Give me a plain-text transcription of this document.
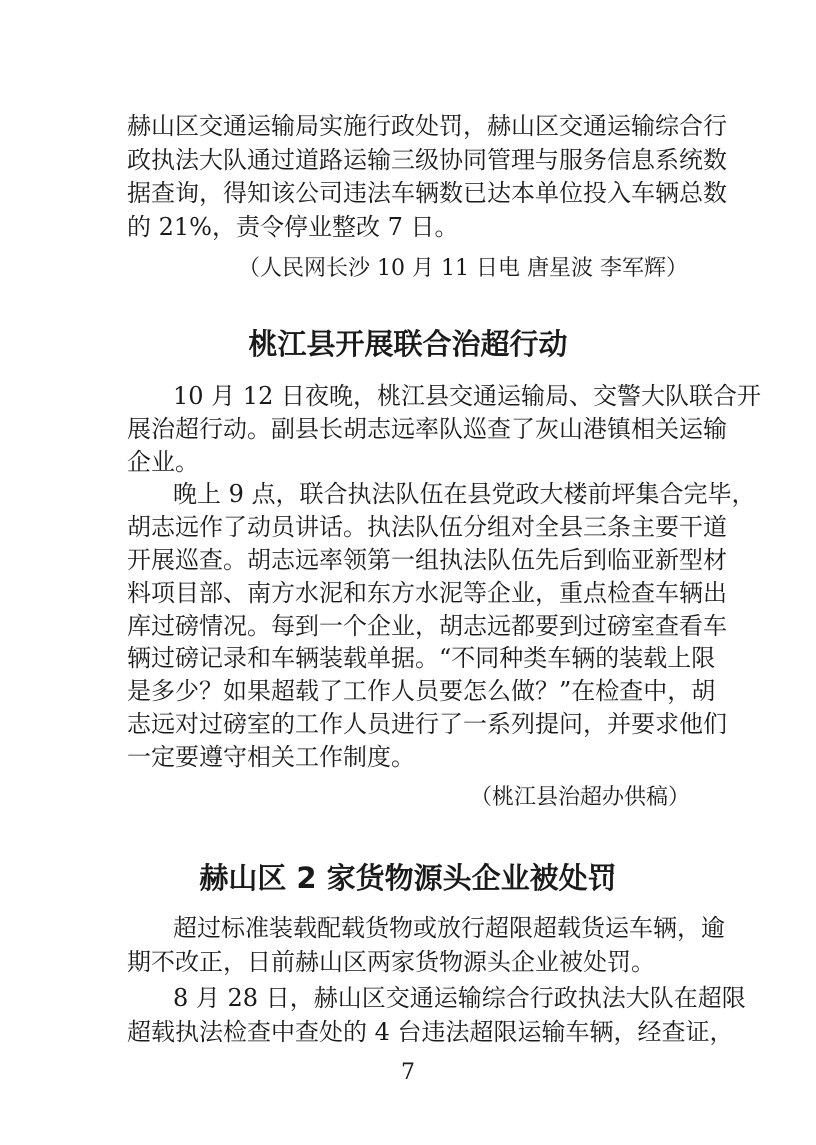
赫山区交通运输局实施行政处罚，赫山区交通运输综合行
政执法大队通过道路运输三级协同管理与服务信息系统数
据查询，得知该公司违法车辆数已达本单位投入车辆总数
的 21%，责令停业整改 7 日。
（人民网长沙 10 月 11 日电 唐星波 李军辉）
桃江县开展联合治超行动
10 月 12 日夜晚，桃江县交通运输局、交警大队联合开
展治超行动。副县长胡志远率队巡查了灰山港镇相关运输
企业。
晚上 9 点，联合执法队伍在县党政大楼前坪集合完毕，
胡志远作了动员讲话。执法队伍分组对全县三条主要干道
开展巡查。胡志远率领第一组执法队伍先后到临亚新型材
料项目部、南方水泥和东方水泥等企业，重点检查车辆出
库过磅情况。每到一个企业，胡志远都要到过磅室查看车
辆过磅记录和车辆装载单据。“不同种类车辆的装载上限
是多少？如果超载了工作人员要怎么做？”在检查中，胡
志远对过磅室的工作人员进行了一系列提问，并要求他们
一定要遵守相关工作制度。
（桃江县治超办供稿）
赫山区 2 家货物源头企业被处罚
超过标准装载配载货物或放行超限超载货运车辆，逾
期不改正，日前赫山区两家货物源头企业被处罚。
8 月 28 日，赫山区交通运输综合行政执法大队在超限
超载执法检查中查处的 4 台违法超限运输车辆，经查证，
7
